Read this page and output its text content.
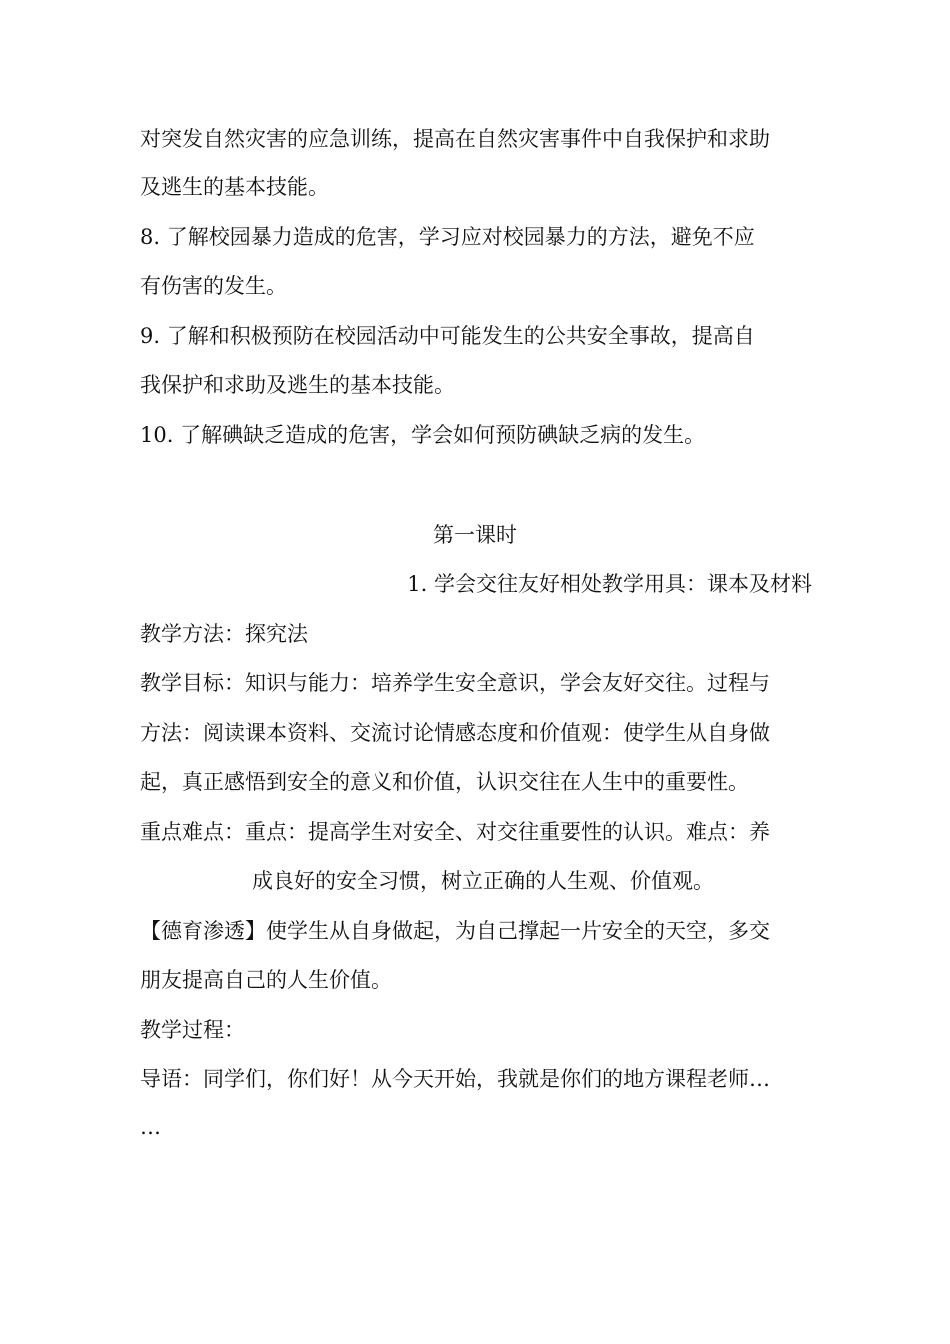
对突发自然灾害的应急训练，提高在自然灾害事件中自我保护和求助
及逃生的基本技能。
8. 了解校园暴力造成的危害，学习应对校园暴力的方法，避免不应
有伤害的发生。
9. 了解和积极预防在校园活动中可能发生的公共安全事故，提高自
我保护和求助及逃生的基本技能。
10. 了解碘缺乏造成的危害，学会如何预防碘缺乏病的发生。
第一课时
1. 学会交往友好相处教学用具：课本及材料
教学方法：探究法
教学目标：知识与能力：培养学生安全意识，学会友好交往。过程与
方法：阅读课本资料、交流讨论情感态度和价值观：使学生从自身做
起，真正感悟到安全的意义和价值，认识交往在人生中的重要性。
重点难点：重点：提高学生对安全、对交往重要性的认识。难点：养
成良好的安全习惯，树立正确的人生观、价值观。
【德育渗透】使学生从自身做起，为自己撑起一片安全的天空，多交
朋友提高自己的人生价值。
教学过程：
导语：同学们，你们好！从今天开始，我就是你们的地方课程老师…
…
